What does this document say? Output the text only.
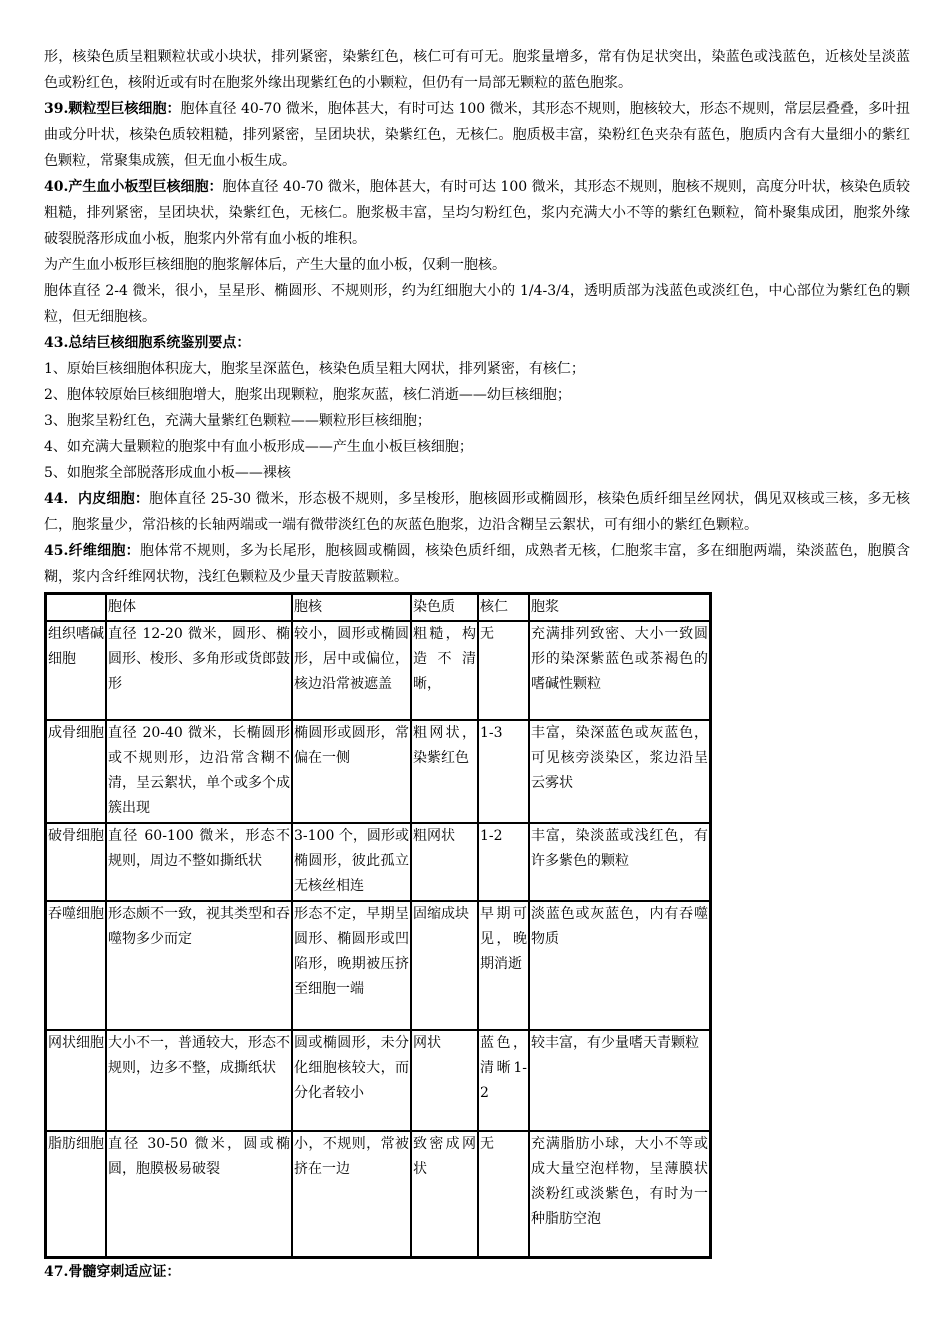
形，核染色质呈粗颗粒状或小块状，排列紧密，染紫红色，核仁可有可无。胞浆量增多，常有伪足状突出，染蓝色或浅蓝色，近核处呈淡蓝色或粉红色，核附近或有时在胞浆外缘出现紫红色的小颗粒，但仍有一局部无颗粒的蓝色胞浆。

39.颗粒型巨核细胞：胞体直径 40-70 微米，胞体甚大，有时可达 100 微米，其形态不规则，胞核较大，形态不规则，常层层叠叠，多叶扭曲或分叶状，核染色质较粗糙，排列紧密，呈团块状，染紫红色，无核仁。胞质极丰富，染粉红色夹杂有蓝色，胞质内含有大量细小的紫红色颗粒，常聚集成簇，但无血小板生成。

40.产生血小板型巨核细胞：胞体直径 40-70 微米，胞体甚大，有时可达 100 微米，其形态不规则，胞核不规则，高度分叶状，核染色质较粗糙，排列紧密，呈团块状，染紫红色，无核仁。胞浆极丰富，呈均匀粉红色，浆内充满大小不等的紫红色颗粒，简朴聚集成团，胞浆外缘破裂脱落形成血小板，胞浆内外常有血小板的堆积。

为产生血小板形巨核细胞的胞浆解体后，产生大量的血小板，仅剩一胞核。

胞体直径 2-4 微米，很小，呈星形、椭圆形、不规则形，约为红细胞大小的 1/4-3/4，透明质部为浅蓝色或淡红色，中心部位为紫红色的颗粒，但无细胞核。

43.总结巨核细胞系统鉴别要点：

1、原始巨核细胞体积庞大，胞浆呈深蓝色，核染色质呈粗大网状，排列紧密，有核仁；

2、胞体较原始巨核细胞增大，胞浆出现颗粒，胞浆灰蓝，核仁消逝——幼巨核细胞；

3、胞浆呈粉红色，充满大量紫红色颗粒——颗粒形巨核细胞；

4、如充满大量颗粒的胞浆中有血小板形成——产生血小板巨核细胞；

5、如胞浆全部脱落形成血小板——裸核

44．内皮细胞：胞体直径 25-30 微米，形态极不规则，多呈梭形，胞核圆形或椭圆形，核染色质纤细呈丝网状，偶见双核或三核，多无核仁，胞浆量少，常沿核的长轴两端或一端有微带淡红色的灰蓝色胞浆，边沿含糊呈云絮状，可有细小的紫红色颗粒。

45.纤维细胞：胞体常不规则，多为长尾形，胞核圆或椭圆，核染色质纤细，成熟者无核，仁胞浆丰富，多在细胞两端，染淡蓝色，胞膜含糊，浆内含纤维网状物，浅红色颗粒及少量天青胺蓝颗粒。

	胞体	胞核	染色质	核仁	胞浆
组织嗜碱细胞	直径 12-20 微米，圆形、椭圆形、梭形、多角形或货郎鼓形	较小，圆形或椭圆形，居中或偏位，核边沿常被遮盖	粗糙，构造不清晰，	无	充满排列致密、大小一致圆形的染深紫蓝色或茶褐色的嗜碱性颗粒
成骨细胞	直径 20-40 微米，长椭圆形或不规则形，边沿常含糊不清，呈云絮状，单个或多个成簇出现	椭圆形或圆形，常偏在一侧	粗网状，染紫红色	1-3	丰富，染深蓝色或灰蓝色，可见核旁淡染区，浆边沿呈云雾状
破骨细胞	直径 60-100 微米，形态不规则，周边不整如撕纸状	3-100 个，圆形或椭圆形，彼此孤立无核丝相连	粗网状	1-2	丰富，染淡蓝或浅红色，有许多紫色的颗粒
吞噬细胞	形态颇不一致，视其类型和吞噬物多少而定	形态不定，早期呈圆形、椭圆形或凹陷形，晚期被压挤至细胞一端	固缩成块	早期可见，晚期消逝	淡蓝色或灰蓝色，内有吞噬物质
网状细胞	大小不一，普通较大，形态不规则，边多不整，成撕纸状	圆或椭圆形，未分化细胞核较大，而分化者较小	网状	蓝色，清晰1-2	较丰富，有少量嗜天青颗粒
脂肪细胞	直径 30-50 微米，圆或椭圆，胞膜极易破裂	小，不规则，常被挤在一边	致密成网状	无	充满脂肪小球，大小不等或成大量空泡样物，呈薄膜状淡粉红或淡紫色，有时为一种脂肪空泡

47.骨髓穿刺适应证：
